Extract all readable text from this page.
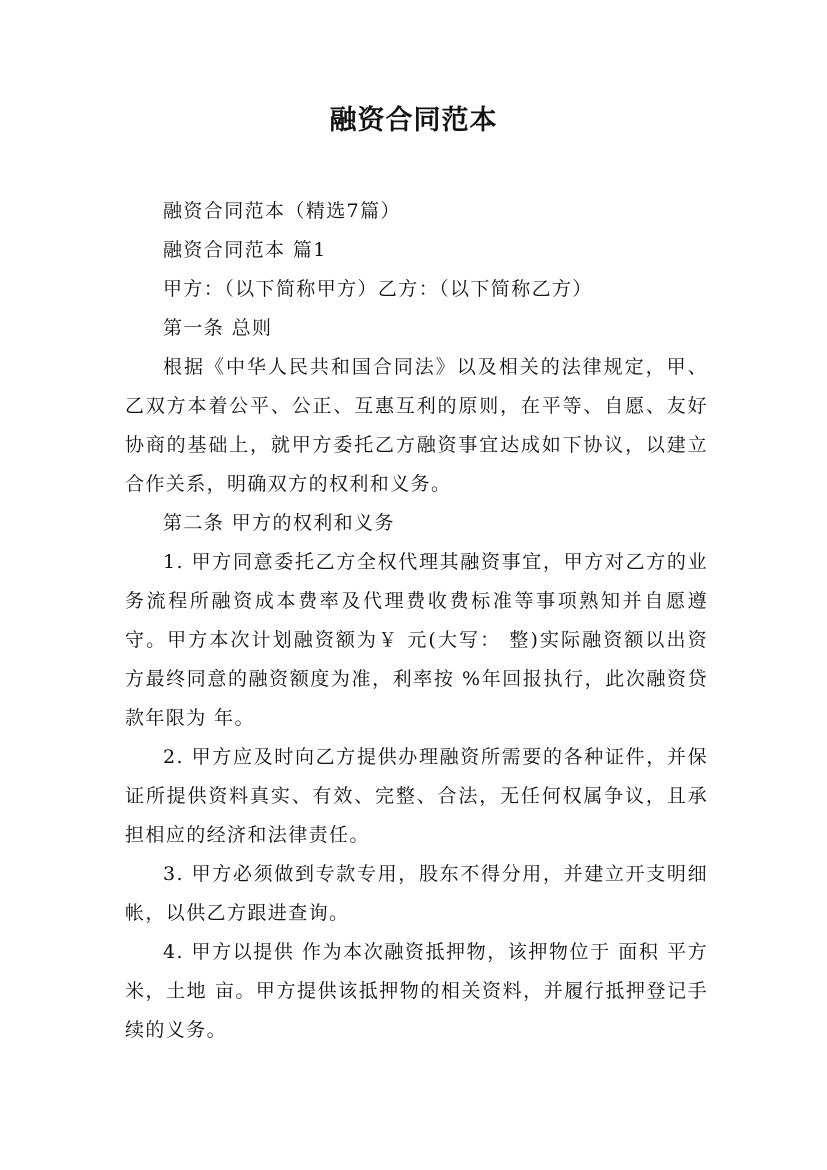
融资合同范本

融资合同范本（精选7篇）

融资合同范本 篇1

甲方：（以下简称甲方）乙方：（以下简称乙方）

第一条 总则

根据《中华人民共和国合同法》以及相关的法律规定，甲、乙双方本着公平、公正、互惠互利的原则，在平等、自愿、友好协商的基础上，就甲方委托乙方融资事宜达成如下协议，以建立合作关系，明确双方的权利和义务。

第二条 甲方的权利和义务

1. 甲方同意委托乙方全权代理其融资事宜，甲方对乙方的业务流程所融资成本费率及代理费收费标准等事项熟知并自愿遵守。甲方本次计划融资额为￥ 元(大写： 整)实际融资额以出资方最终同意的融资额度为准，利率按 %年回报执行，此次融资贷款年限为 年。

2. 甲方应及时向乙方提供办理融资所需要的各种证件，并保证所提供资料真实、有效、完整、合法，无任何权属争议，且承担相应的经济和法律责任。

3. 甲方必须做到专款专用，股东不得分用，并建立开支明细帐，以供乙方跟进查询。

4. 甲方以提供 作为本次融资抵押物，该押物位于 面积 平方米，土地 亩。甲方提供该抵押物的相关资料，并履行抵押登记手续的义务。
